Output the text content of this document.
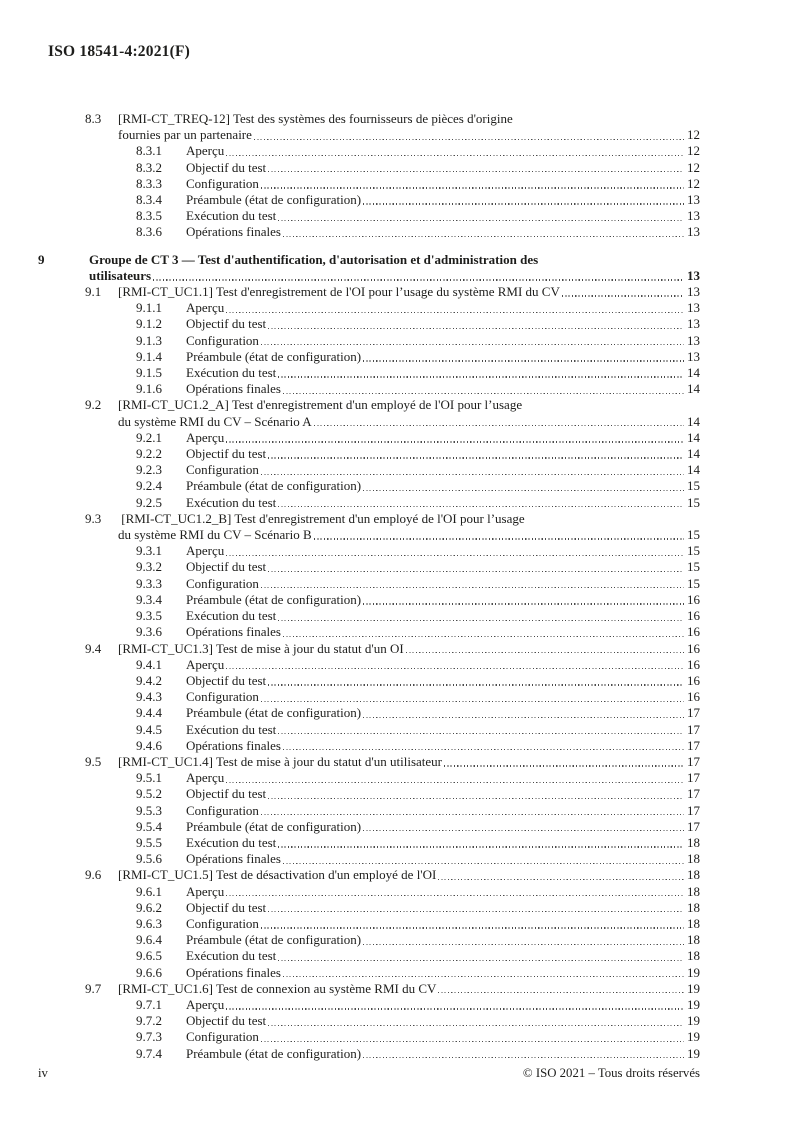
ISO 18541-4:2021(F)
8.3	[RMI-CT_TREQ-12] Test des systèmes des fournisseurs de pièces d'origine
fournies par un partenaire	12
8.3.1	Aperçu	12
8.3.2	Objectif du test	12
8.3.3	Configuration	12
8.3.4	Préambule (état de configuration)	13
8.3.5	Exécution du test	13
8.3.6	Opérations finales	13
9	Groupe de CT 3 — Test d'authentification, d'autorisation et d'administration des
utilisateurs	13
9.1	[RMI-CT_UC1.1] Test d'enregistrement de l'OI pour l’usage du système RMI du CV	13
9.1.1	Aperçu	13
9.1.2	Objectif du test	13
9.1.3	Configuration	13
9.1.4	Préambule (état de configuration)	13
9.1.5	Exécution du test	14
9.1.6	Opérations finales	14
9.2	[RMI-CT_UC1.2_A] Test d'enregistrement d'un employé de l'OI pour l’usage
du système RMI du CV – Scénario A	14
9.2.1	Aperçu	14
9.2.2	Objectif du test	14
9.2.3	Configuration	14
9.2.4	Préambule (état de configuration)	15
9.2.5	Exécution du test	15
9.3	[RMI-CT_UC1.2_B] Test d'enregistrement d'un employé de l'OI pour l’usage
du système RMI du CV – Scénario B	15
9.3.1	Aperçu	15
9.3.2	Objectif du test	15
9.3.3	Configuration	15
9.3.4	Préambule (état de configuration)	16
9.3.5	Exécution du test	16
9.3.6	Opérations finales	16
9.4	[RMI-CT_UC1.3] Test de mise à jour du statut d'un OI	16
9.4.1	Aperçu	16
9.4.2	Objectif du test	16
9.4.3	Configuration	16
9.4.4	Préambule (état de configuration)	17
9.4.5	Exécution du test	17
9.4.6	Opérations finales	17
9.5	[RMI-CT_UC1.4] Test de mise à jour du statut d'un utilisateur	17
9.5.1	Aperçu	17
9.5.2	Objectif du test	17
9.5.3	Configuration	17
9.5.4	Préambule (état de configuration)	17
9.5.5	Exécution du test	18
9.5.6	Opérations finales	18
9.6	[RMI-CT_UC1.5] Test de désactivation d'un employé de l'OI	18
9.6.1	Aperçu	18
9.6.2	Objectif du test	18
9.6.3	Configuration	18
9.6.4	Préambule (état de configuration)	18
9.6.5	Exécution du test	18
9.6.6	Opérations finales	19
9.7	[RMI-CT_UC1.6] Test de connexion au système RMI du CV	19
9.7.1	Aperçu	19
9.7.2	Objectif du test	19
9.7.3	Configuration	19
9.7.4	Préambule (état de configuration)	19
iv	© ISO 2021 – Tous droits réservés
